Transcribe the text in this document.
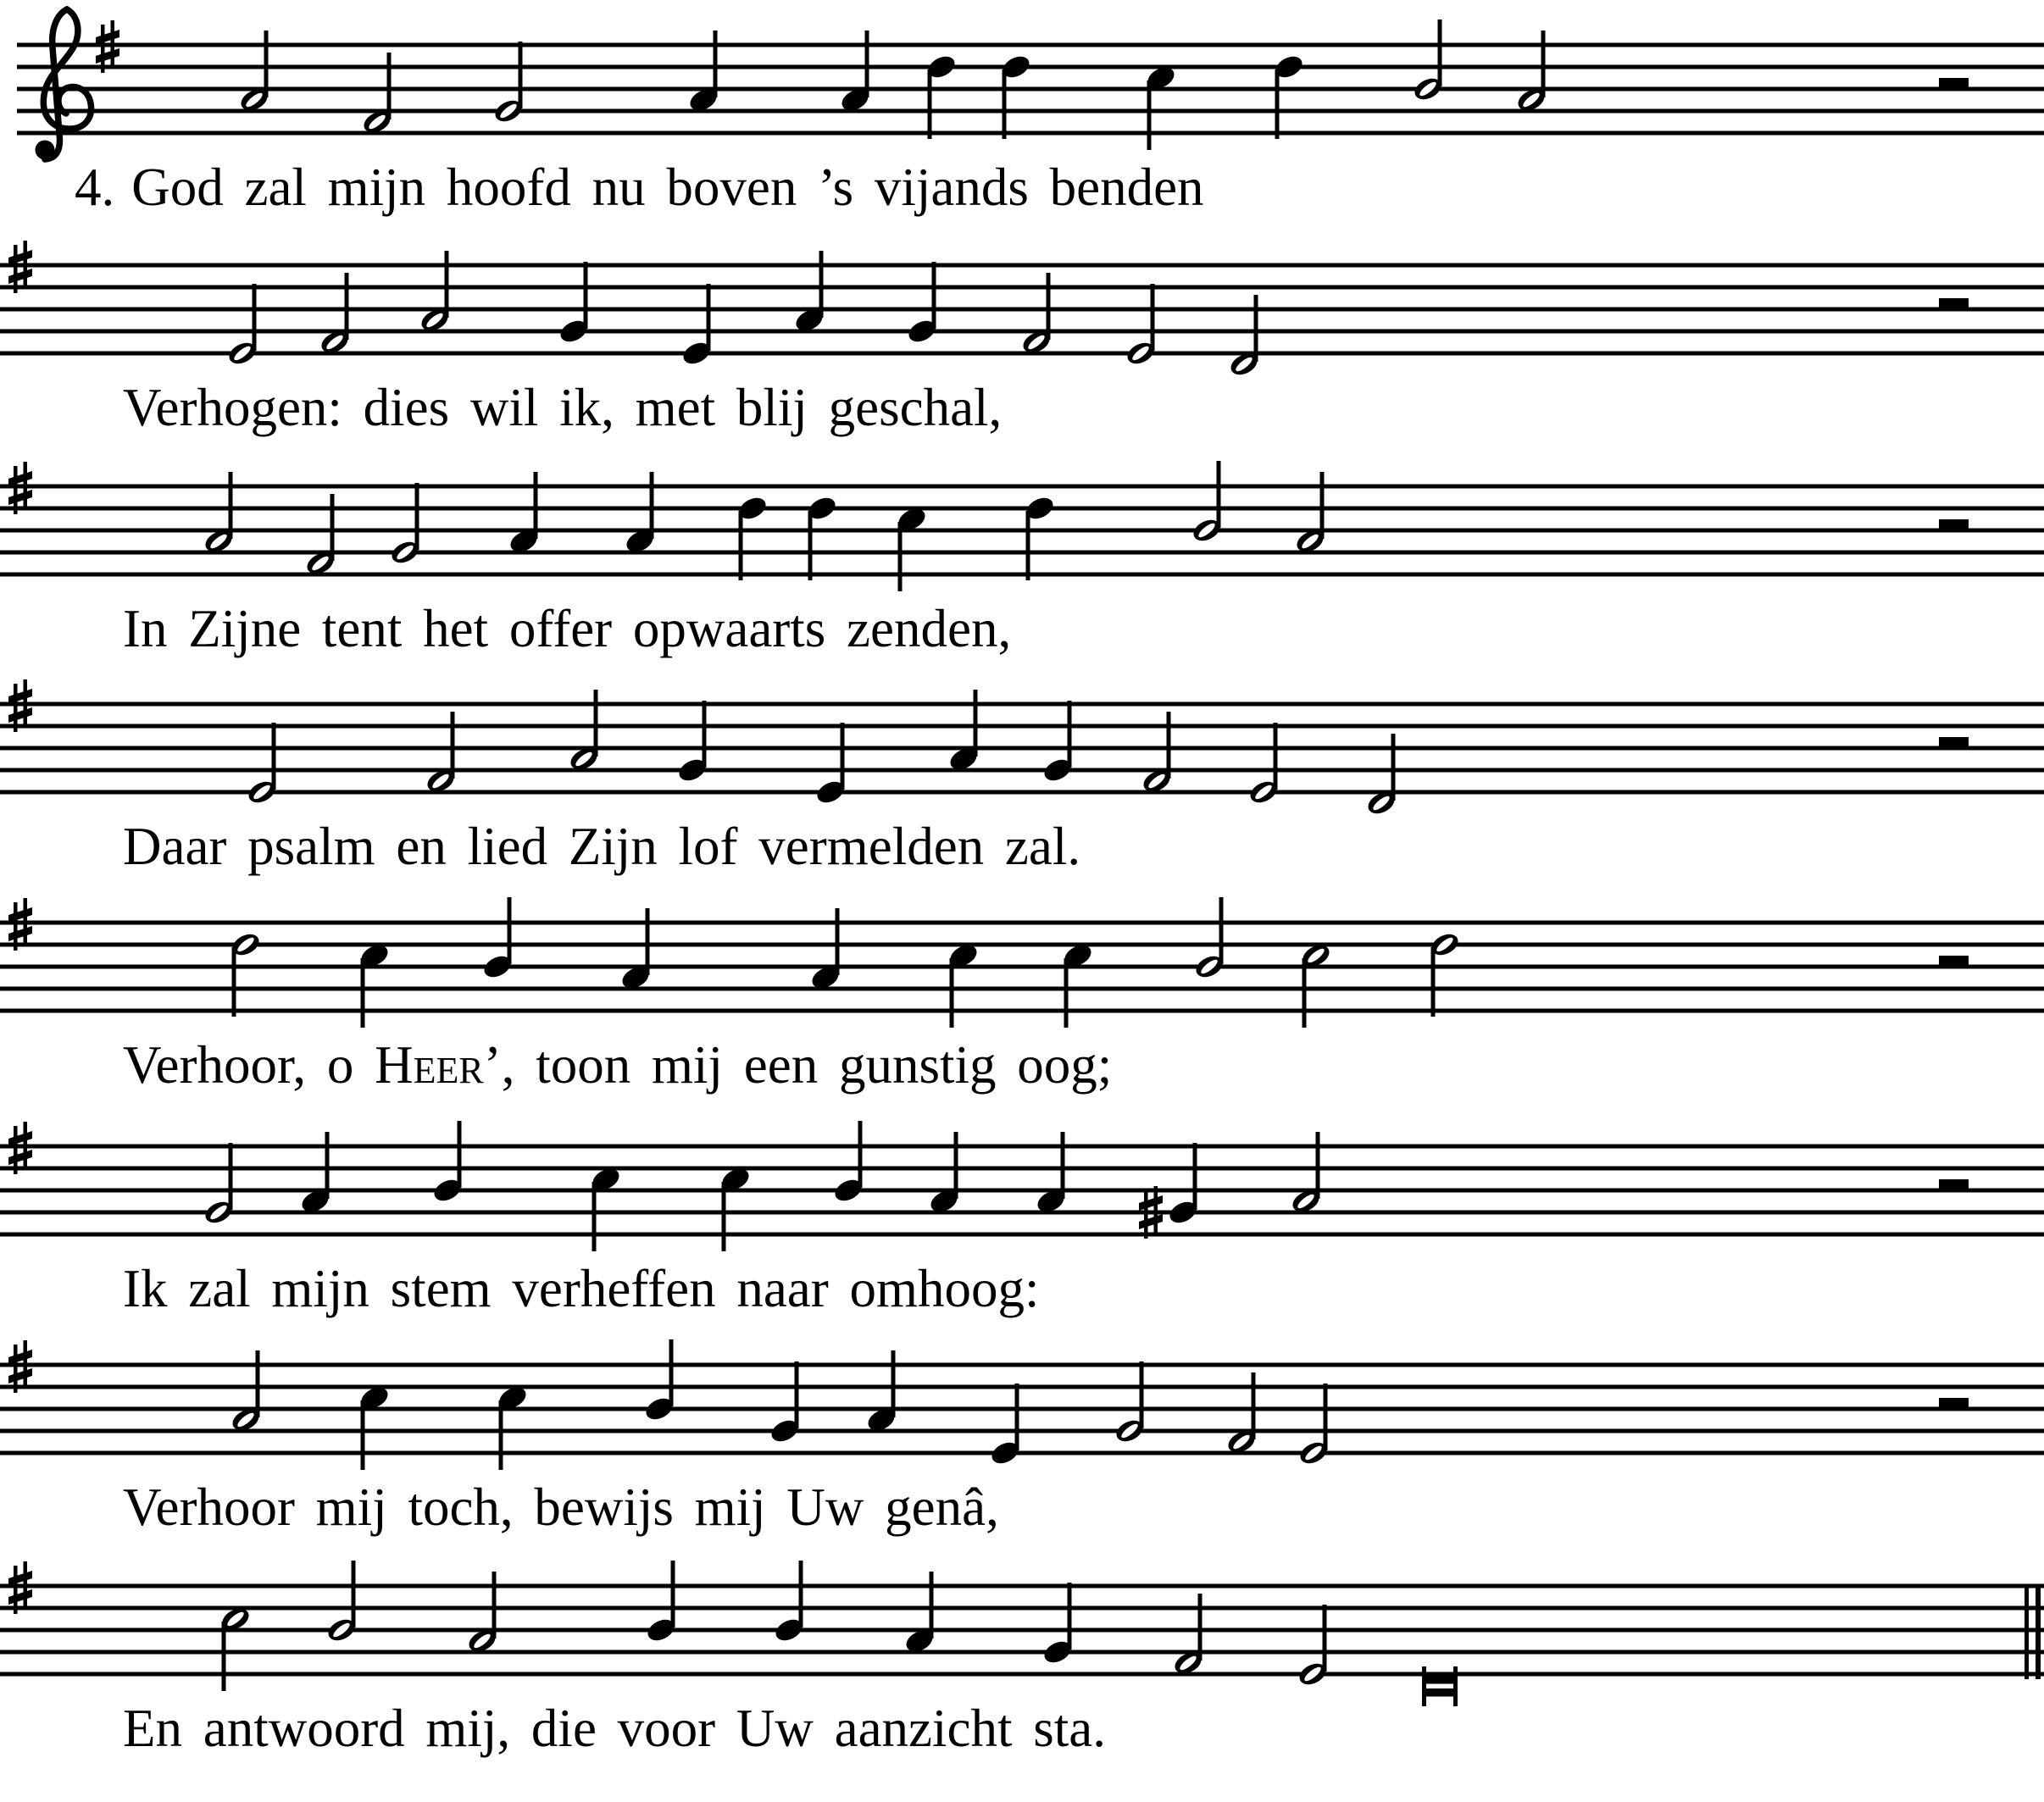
4. God zal mijn hoofd nu boven ’s vijands benden
Verhogen: dies wil ik, met blij geschal,
In Zijne tent het offer opwaarts zenden,
Daar psalm en lied Zijn lof vermelden zal.
Verhoor, o Heer’, toon mij een gunstig oog;
Ik zal mijn stem verheffen naar omhoog:
Verhoor mij toch, bewijs mij Uw genâ,
En antwoord mij, die voor Uw aanzicht sta.
